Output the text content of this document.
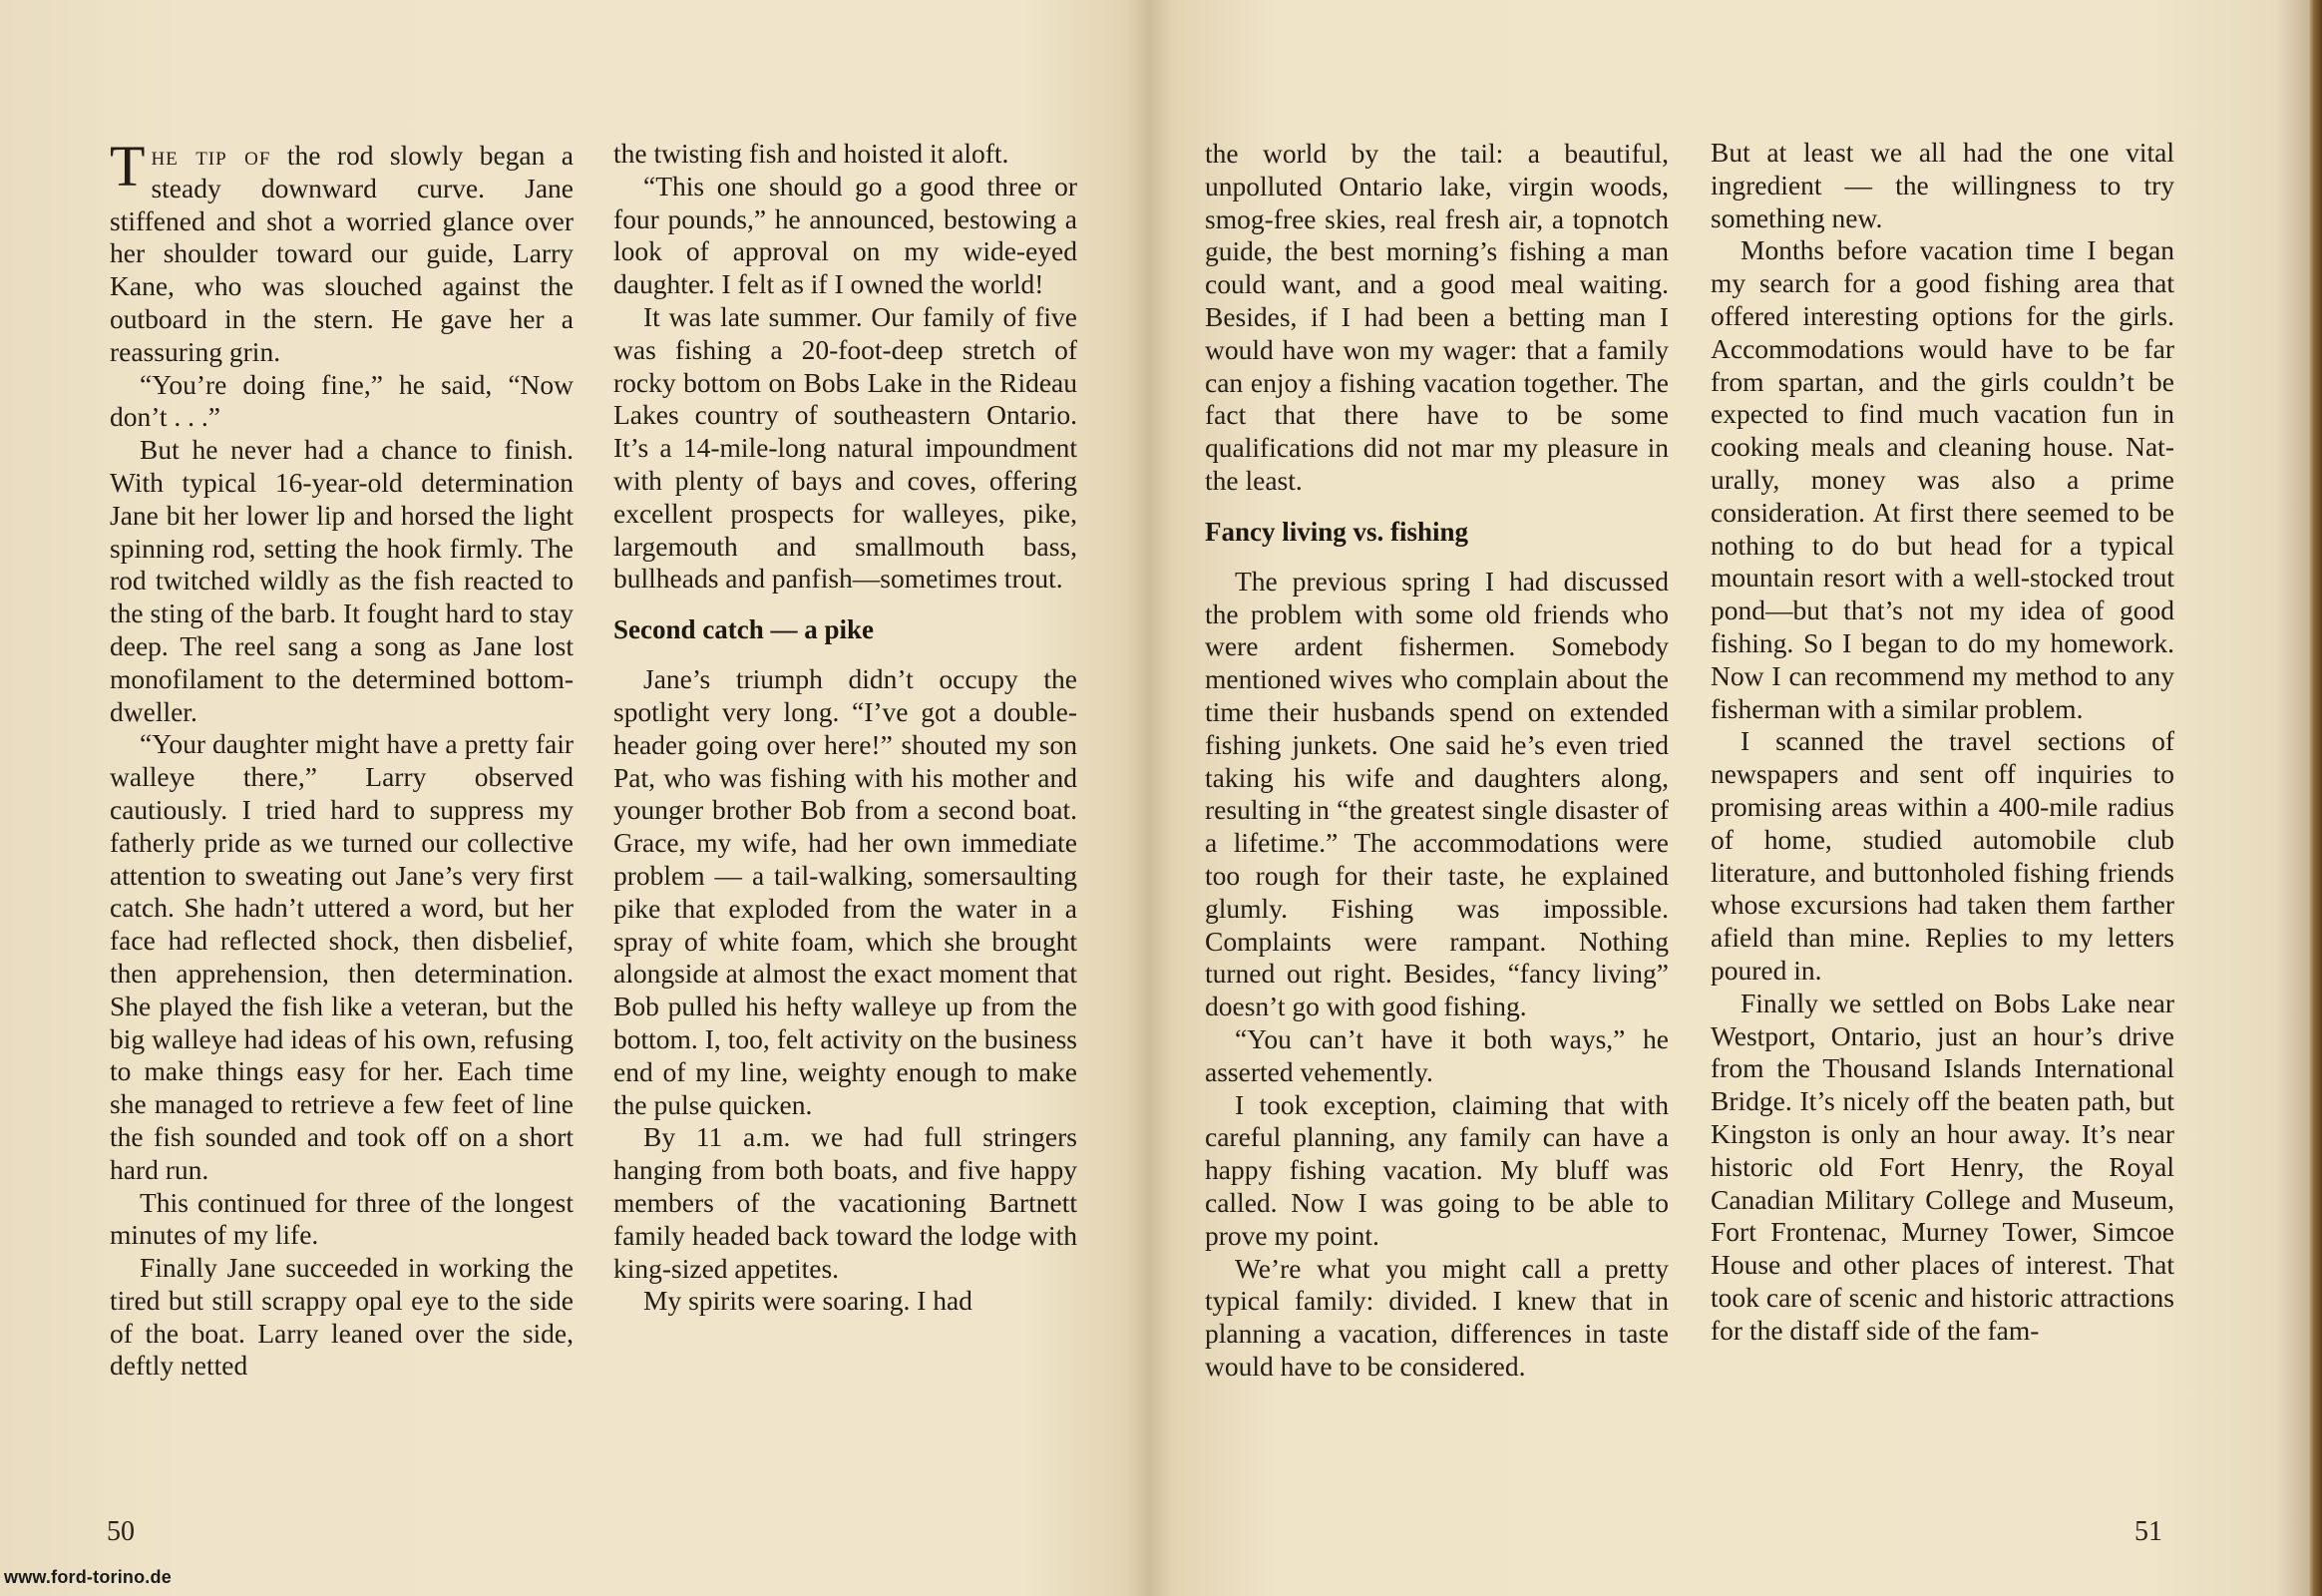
The tip of the rod slowly began a steady downward curve. Jane stiffened and shot a worried glance over her shoulder toward our guide, Larry Kane, who was slouched against the outboard in the stern. He gave her a reassuring grin.

“You’re doing fine,” he said, “Now don’t . . .”

But he never had a chance to finish. With typical 16-year-old determination Jane bit her lower lip and horsed the light spinning rod, setting the hook firmly. The rod twitched wildly as the fish reacted to the sting of the barb. It fought hard to stay deep. The reel sang a song as Jane lost monofilament to the determined bottom-dweller.

“Your daughter might have a pretty fair walleye there,” Larry observed cautiously. I tried hard to suppress my fatherly pride as we turned our collective attention to sweating out Jane’s very first catch. She hadn’t uttered a word, but her face had reflected shock, then disbelief, then apprehension, then determination. She played the fish like a veteran, but the big walleye had ideas of his own, refusing to make things easy for her. Each time she managed to retrieve a few feet of line the fish sounded and took off on a short hard run.

This continued for three of the longest minutes of my life.

Finally Jane succeeded in working the tired but still scrappy opal eye to the side of the boat. Larry leaned over the side, deftly netted

the twisting fish and hoisted it aloft.

“This one should go a good three or four pounds,” he announced, bestowing a look of approval on my wide-eyed daughter. I felt as if I owned the world!

It was late summer. Our family of five was fishing a 20-foot-deep stretch of rocky bottom on Bobs Lake in the Rideau Lakes country of southeastern Ontario. It’s a 14-mile-long natural impoundment with plenty of bays and coves, offering excellent prospects for walleyes, pike, largemouth and smallmouth bass, bullheads and panfish—sometimes trout.

Second catch — a pike

Jane’s triumph didn’t occupy the spotlight very long. “I’ve got a double-header going over here!” shouted my son Pat, who was fishing with his mother and younger brother Bob from a second boat. Grace, my wife, had her own immediate problem — a tail-walking, somersaulting pike that exploded from the water in a spray of white foam, which she brought alongside at almost the exact moment that Bob pulled his hefty walleye up from the bottom. I, too, felt activity on the business end of my line, weighty enough to make the pulse quicken.

By 11 a.m. we had full stringers hanging from both boats, and five happy members of the vacationing Bartnett family headed back toward the lodge with king-sized appetites.

My spirits were soaring. I had

50

the world by the tail: a beautiful, unpolluted Ontario lake, virgin woods, smog-free skies, real fresh air, a topnotch guide, the best morning’s fishing a man could want, and a good meal waiting. Besides, if I had been a betting man I would have won my wager: that a family can enjoy a fishing vacation together. The fact that there have to be some qualifications did not mar my pleasure in the least.

Fancy living vs. fishing

The previous spring I had discussed the problem with some old friends who were ardent fishermen. Somebody mentioned wives who complain about the time their husbands spend on extended fishing junkets. One said he’s even tried taking his wife and daughters along, resulting in “the greatest single disaster of a lifetime.” The accommodations were too rough for their taste, he explained glumly. Fishing was impossible. Complaints were rampant. Nothing turned out right. Besides, “fancy living” doesn’t go with good fishing.

“You can’t have it both ways,” he asserted vehemently.

I took exception, claiming that with careful planning, any family can have a happy fishing vacation. My bluff was called. Now I was going to be able to prove my point.

We’re what you might call a pretty typical family: divided. I knew that in planning a vacation, differences in taste would have to be considered.

But at least we all had the one vital ingredient — the willingness to try something new.

Months before vacation time I began my search for a good fishing area that offered interesting options for the girls. Accommodations would have to be far from spartan, and the girls couldn’t be expected to find much vacation fun in cooking meals and cleaning house. Naturally, money was also a prime consideration. At first there seemed to be nothing to do but head for a typical mountain resort with a well-stocked trout pond—but that’s not my idea of good fishing. So I began to do my homework. Now I can recommend my method to any fisherman with a similar problem.

I scanned the travel sections of newspapers and sent off inquiries to promising areas within a 400-mile radius of home, studied automobile club literature, and buttonholed fishing friends whose excursions had taken them farther afield than mine. Replies to my letters poured in.

Finally we settled on Bobs Lake near Westport, Ontario, just an hour’s drive from the Thousand Islands International Bridge. It’s nicely off the beaten path, but Kingston is only an hour away. It’s near historic old Fort Henry, the Royal Canadian Military College and Museum, Fort Frontenac, Murney Tower, Simcoe House and other places of interest. That took care of scenic and historic attractions for the distaff side of the fam-

51
www.ford-torino.de
